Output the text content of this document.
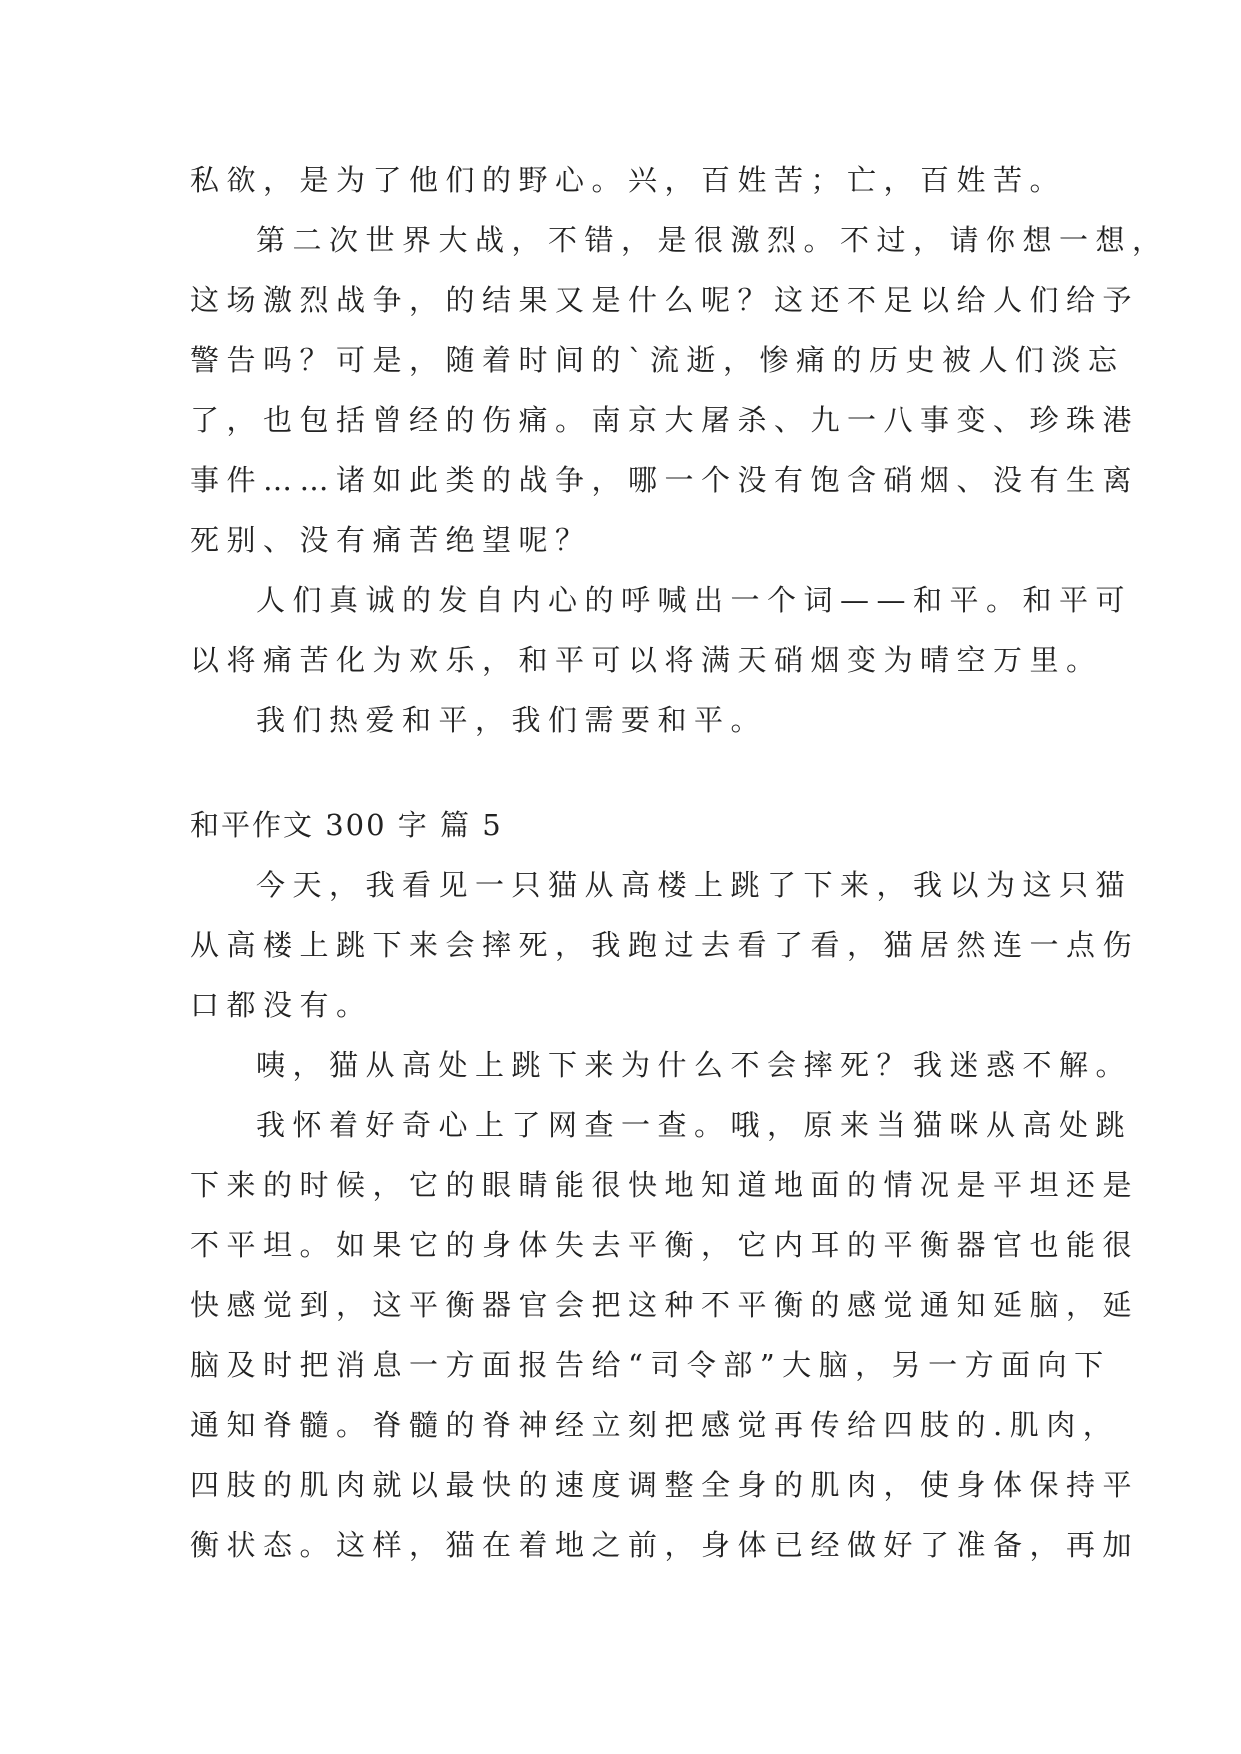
私欲，是为了他们的野心。兴，百姓苦；亡，百姓苦。
第二次世界大战，不错，是很激烈。不过，请你想一想，
这场激烈战争，的结果又是什么呢？这还不足以给人们给予
警告吗？可是，随着时间的`流逝，惨痛的历史被人们淡忘
了，也包括曾经的伤痛。南京大屠杀、九一八事变、珍珠港
事件……诸如此类的战争，哪一个没有饱含硝烟、没有生离
死别、没有痛苦绝望呢？
人们真诚的发自内心的呼喊出一个词——和平。和平可
以将痛苦化为欢乐，和平可以将满天硝烟变为晴空万里。
我们热爱和平，我们需要和平。
和平作文 300 字 篇 5
今天，我看见一只猫从高楼上跳了下来，我以为这只猫
从高楼上跳下来会摔死，我跑过去看了看，猫居然连一点伤
口都没有。
咦，猫从高处上跳下来为什么不会摔死？我迷惑不解。
我怀着好奇心上了网查一查。哦，原来当猫咪从高处跳
下来的时候，它的眼睛能很快地知道地面的情况是平坦还是
不平坦。如果它的身体失去平衡，它内耳的平衡器官也能很
快感觉到，这平衡器官会把这种不平衡的感觉通知延脑，延
脑及时把消息一方面报告给“司令部”大脑，另一方面向下
通知脊髓。脊髓的脊神经立刻把感觉再传给四肢的.肌肉，
四肢的肌肉就以最快的速度调整全身的肌肉，使身体保持平
衡状态。这样，猫在着地之前，身体已经做好了准备，再加
